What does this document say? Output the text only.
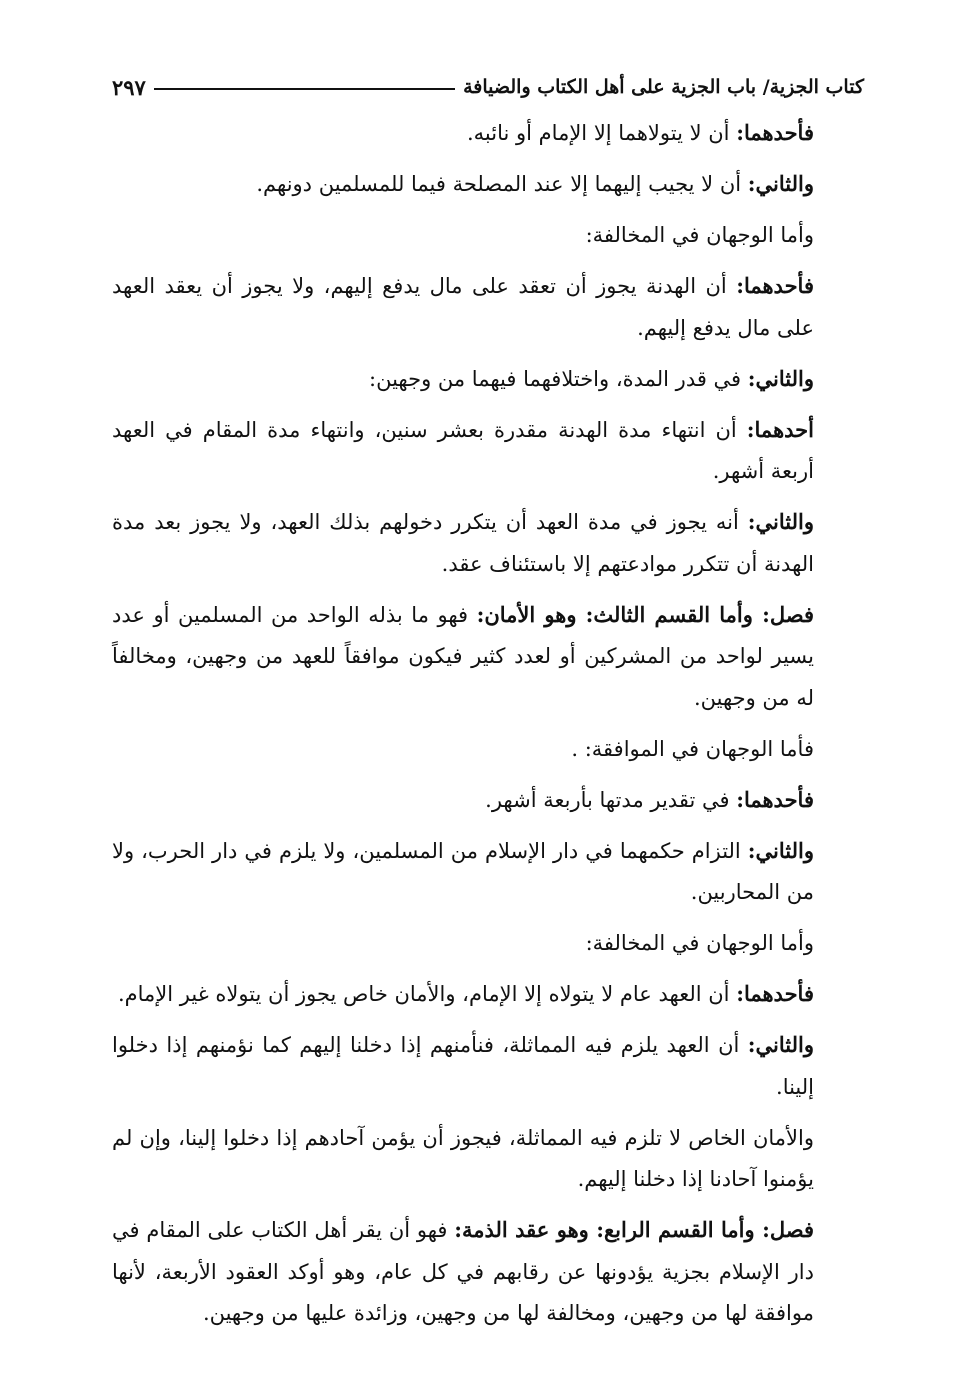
كتاب الجزية/ باب الجزية على أهل الكتاب والضيافة
٢٩٧

فأحدهما: أن لا يتولاهما إلا الإمام أو نائبه.

والثاني: أن لا يجيب إليهما إلا عند المصلحة فيما للمسلمين دونهم.

وأما الوجهان في المخالفة:

فأحدهما: أن الهدنة يجوز أن تعقد على مال يدفع إليهم، ولا يجوز أن يعقد العهد على مال يدفع إليهم.

والثاني: في قدر المدة، واختلافهما فيهما من وجهين:

أحدهما: أن انتهاء مدة الهدنة مقدرة بعشر سنين، وانتهاء مدة المقام في العهد أربعة أشهر.

والثاني: أنه يجوز في مدة العهد أن يتكرر دخولهم بذلك العهد، ولا يجوز بعد مدة الهدنة أن تتكرر موادعتهم إلا باستئناف عقد.

فصل: وأما القسم الثالث: وهو الأمان: فهو ما بذله الواحد من المسلمين أو عدد يسير لواحد من المشركين أو لعدد كثير فيكون موافقاً للعهد من وجهين، ومخالفاً له من وجهين.

فأما الوجهان في الموافقة: .

فأحدهما: في تقدير مدتها بأربعة أشهر.

والثاني: التزام حكمهما في دار الإسلام من المسلمين، ولا يلزم في دار الحرب، ولا من المحاربين.

وأما الوجهان في المخالفة:

فأحدهما: أن العهد عام لا يتولاه إلا الإمام، والأمان خاص يجوز أن يتولاه غير الإمام.

والثاني: أن العهد يلزم فيه المماثلة، فنأمنهم إذا دخلنا إليهم كما نؤمنهم إذا دخلوا إلينا.

والأمان الخاص لا تلزم فيه المماثلة، فيجوز أن يؤمن آحادهم إذا دخلوا إلينا، وإن لم يؤمنوا آحادنا إذا دخلنا إليهم.

فصل: وأما القسم الرابع: وهو عقد الذمة: فهو أن يقر أهل الكتاب على المقام في دار الإسلام بجزية يؤدونها عن رقابهم في كل عام، وهو أوكد العقود الأربعة، لأنها موافقة لها من وجهين، ومخالفة لها من وجهين، وزائدة عليها من وجهين.
